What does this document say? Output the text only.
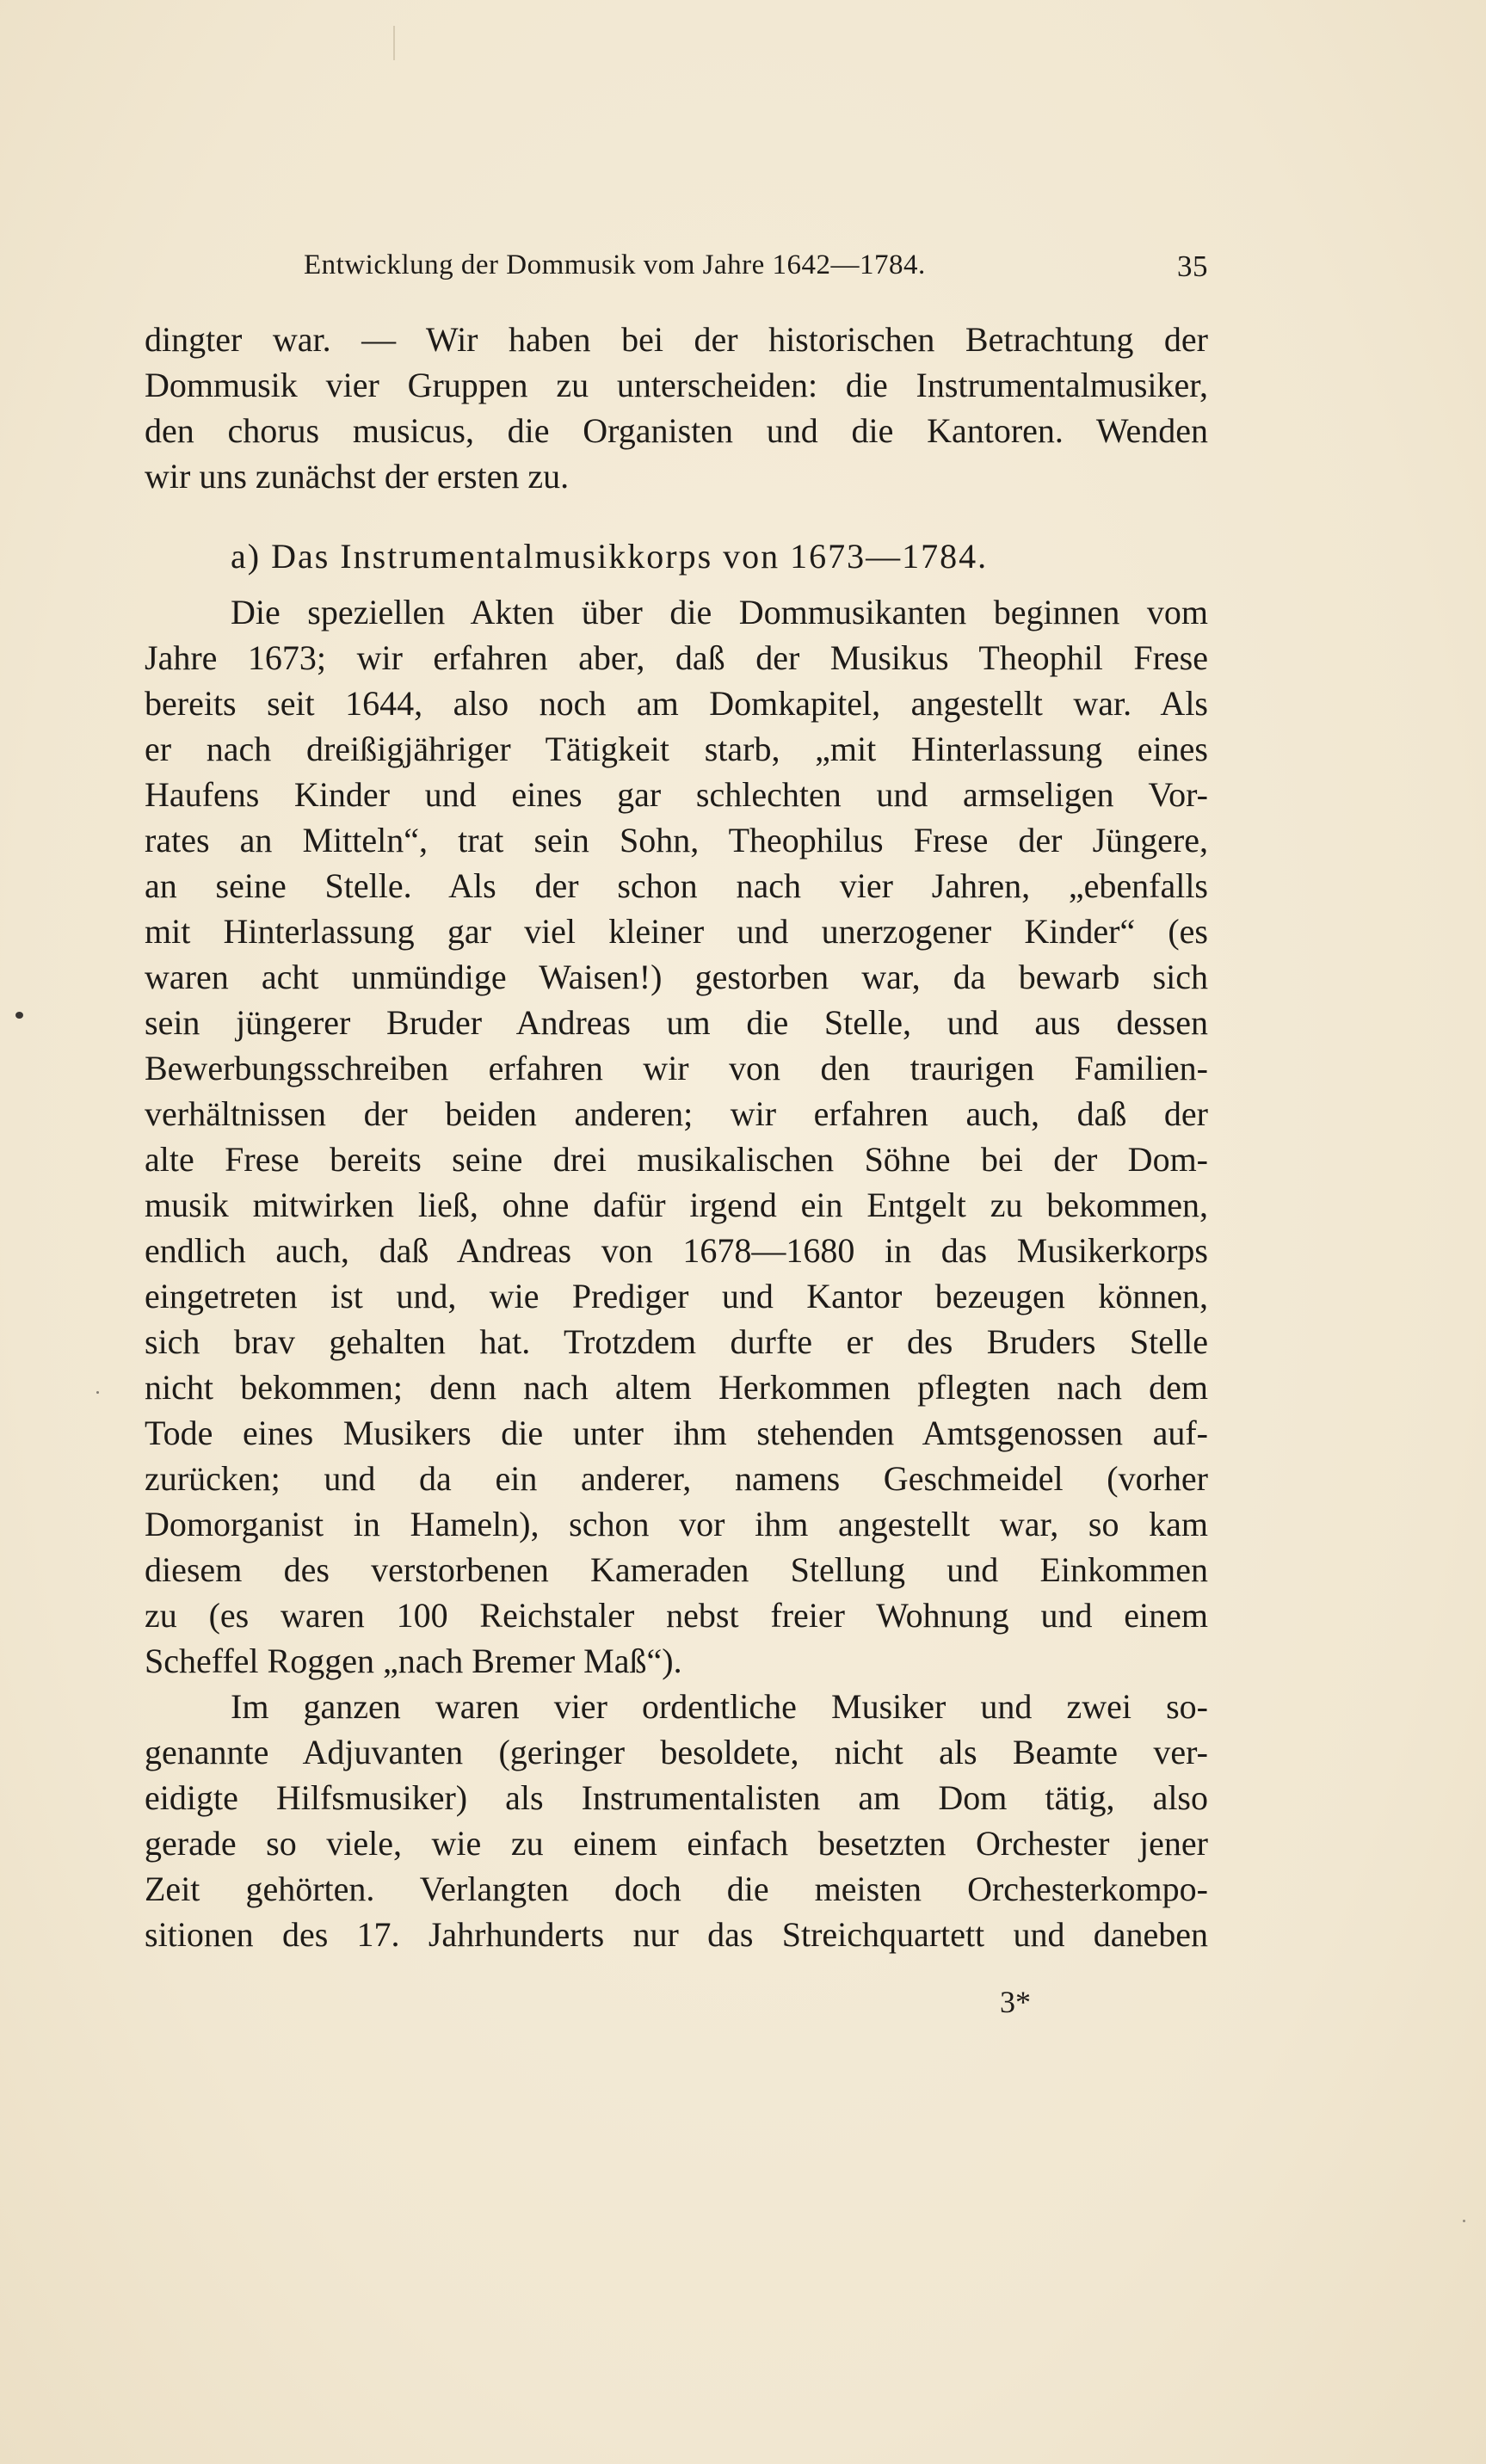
Entwicklung der Dommusik vom Jahre 1642—1784.	35
dingter war. — Wir haben bei der historischen Betrachtung der
Dommusik vier Gruppen zu unterscheiden: die Instrumentalmusiker,
den chorus musicus, die Organisten und die Kantoren. Wenden
wir uns zunächst der ersten zu.
a) Das Instrumentalmusikkorps von 1673—1784.
Die speziellen Akten über die Dommusikanten beginnen vom
Jahre 1673; wir erfahren aber, daß der Musikus Theophil Frese
bereits seit 1644, also noch am Domkapitel, angestellt war. Als
er nach dreißigjähriger Tätigkeit starb, „mit Hinterlassung eines
Haufens Kinder und eines gar schlechten und armseligen Vor-
rates an Mitteln“, trat sein Sohn, Theophilus Frese der Jüngere,
an seine Stelle. Als der schon nach vier Jahren, „ebenfalls
mit Hinterlassung gar viel kleiner und unerzogener Kinder“ (es
waren acht unmündige Waisen!) gestorben war, da bewarb sich
sein jüngerer Bruder Andreas um die Stelle, und aus dessen
Bewerbungsschreiben erfahren wir von den traurigen Familien-
verhältnissen der beiden anderen; wir erfahren auch, daß der
alte Frese bereits seine drei musikalischen Söhne bei der Dom-
musik mitwirken ließ, ohne dafür irgend ein Entgelt zu bekommen,
endlich auch, daß Andreas von 1678—1680 in das Musikerkorps
eingetreten ist und, wie Prediger und Kantor bezeugen können,
sich brav gehalten hat. Trotzdem durfte er des Bruders Stelle
nicht bekommen; denn nach altem Herkommen pflegten nach dem
Tode eines Musikers die unter ihm stehenden Amtsgenossen auf-
zurücken; und da ein anderer, namens Geschmeidel (vorher
Domorganist in Hameln), schon vor ihm angestellt war, so kam
diesem des verstorbenen Kameraden Stellung und Einkommen
zu (es waren 100 Reichstaler nebst freier Wohnung und einem
Scheffel Roggen „nach Bremer Maß“).
Im ganzen waren vier ordentliche Musiker und zwei so-
genannte Adjuvanten (geringer besoldete, nicht als Beamte ver-
eidigte Hilfsmusiker) als Instrumentalisten am Dom tätig, also
gerade so viele, wie zu einem einfach besetzten Orchester jener
Zeit gehörten. Verlangten doch die meisten Orchesterkompo-
sitionen des 17. Jahrhunderts nur das Streichquartett und daneben
3*
